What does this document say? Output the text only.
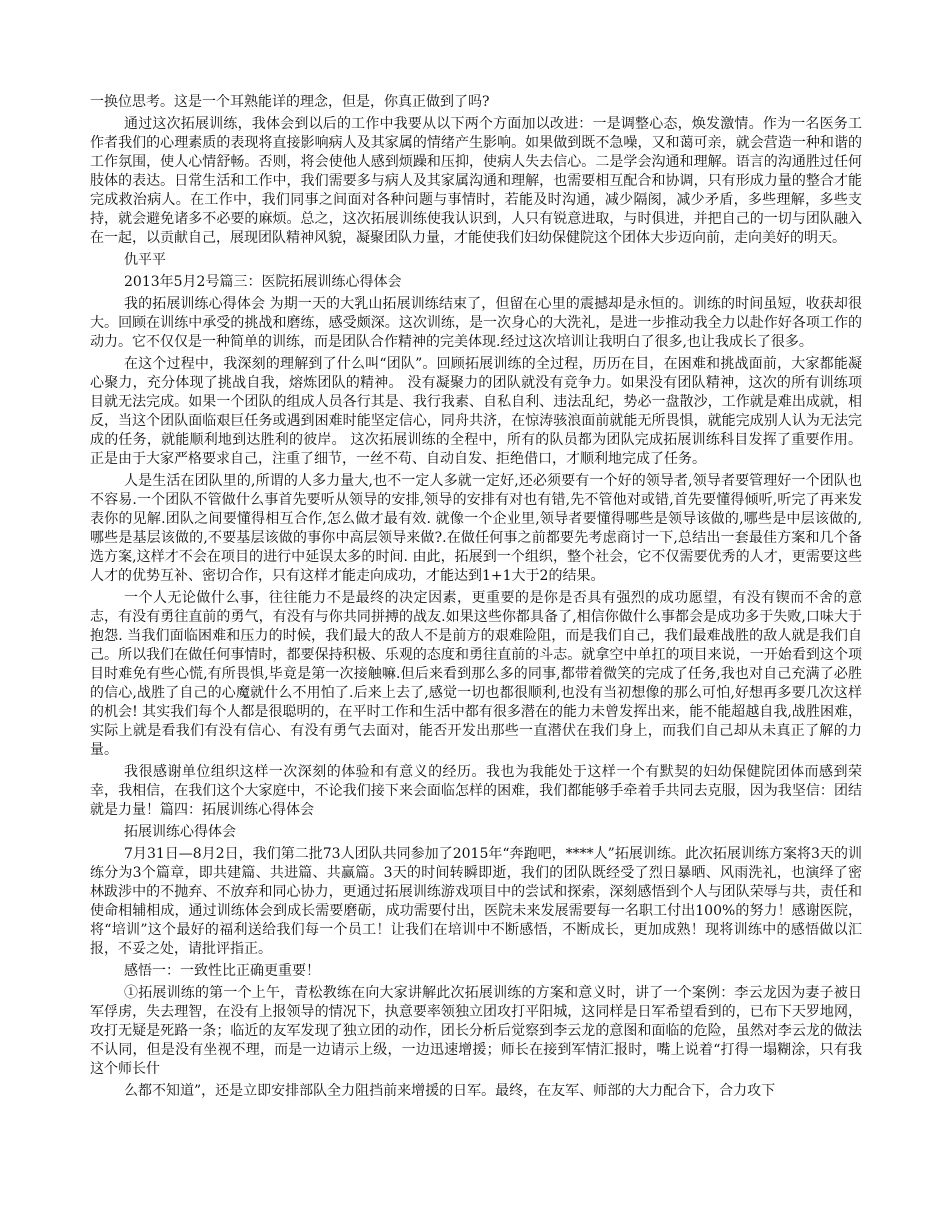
一换位思考。这是一个耳熟能详的理念，但是，你真正做到了吗?

通过这次拓展训练，我体会到以后的工作中我要从以下两个方面加以改进：一是调整心态，焕发激情。作为一名医务工作者我们的心理素质的表现将直接影响病人及其家属的情绪产生影响。如果做到既不急噪，又和蔼可亲，就会营造一种和谐的工作氛围，使人心情舒畅。否则，将会使他人感到烦躁和压抑，使病人失去信心。二是学会沟通和理解。语言的沟通胜过任何肢体的表达。日常生活和工作中，我们需要多与病人及其家属沟通和理解，也需要相互配合和协调，只有形成力量的整合才能完成救治病人。在工作中，我们同事之间面对各种问题与事情时，若能及时沟通，减少隔阂，减少矛盾，多些理解，多些支持，就会避免诸多不必要的麻烦。总之，这次拓展训练使我认识到，人只有锐意进取，与时俱进，并把自己的一切与团队融入在一起，以贡献自己，展现团队精神风貌，凝聚团队力量，才能使我们妇幼保健院这个团体大步迈向前，走向美好的明天。

仇平平

2013年5月2号篇三：医院拓展训练心得体会

我的拓展训练心得体会 为期一天的大乳山拓展训练结束了，但留在心里的震撼却是永恒的。训练的时间虽短，收获却很大。回顾在训练中承受的挑战和磨练，感受颇深。这次训练，是一次身心的大洗礼，是进一步推动我全力以赴作好各项工作的动力。它不仅仅是一种简单的训练，而是团队合作精神的完美体现.经过这次培训让我明白了很多,也让我成长了很多。

在这个过程中，我深刻的理解到了什么叫“团队”。回顾拓展训练的全过程，历历在目，在困难和挑战面前，大家都能凝心聚力，充分体现了挑战自我，熔炼团队的精神。 没有凝聚力的团队就没有竞争力。如果没有团队精神，这次的所有训练项目就无法完成。如果一个团队的组成人员各行其是、我行我素、自私自利、违法乱纪，势必一盘散沙，工作就是难出成就，相反，当这个团队面临艰巨任务或遇到困难时能坚定信心，同舟共济，在惊涛骇浪面前就能无所畏惧，就能完成别人认为无法完成的任务，就能顺利地到达胜利的彼岸。 这次拓展训练的全程中，所有的队员都为团队完成拓展训练科目发挥了重要作用。正是由于大家严格要求自己，注重了细节，一丝不苟、自动自发、拒绝借口，才顺利地完成了任务。

人是生活在团队里的,所谓的人多力量大,也不一定人多就一定好,还必须要有一个好的领导者,领导者要管理好一个团队也不容易.一个团队不管做什么事首先要听从领导的安排,领导的安排有对也有错,先不管他对或错,首先要懂得倾听,听完了再来发表你的见解.团队之间要懂得相互合作,怎么做才最有效. 就像一个企业里,领导者要懂得哪些是领导该做的,哪些是中层该做的,哪些是基层该做的,不要基层该做的事你中高层领导来做?.在做任何事之前都要先考虑商讨一下,总结出一套最佳方案和几个备选方案,这样才不会在项目的进行中延误太多的时间. 由此，拓展到一个组织，整个社会，它不仅需要优秀的人才，更需要这些人才的优势互补、密切合作，只有这样才能走向成功，才能达到1+1大于2的结果。

一个人无论做什么事，往往能力不是最终的决定因素，更重要的是你是否具有强烈的成功愿望，有没有锲而不舍的意志，有没有勇往直前的勇气，有没有与你共同拼搏的战友.如果这些你都具备了,相信你做什么事都会是成功多于失败,口味大于抱怨. 当我们面临困难和压力的时候，我们最大的敌人不是前方的艰难险阻，而是我们自己，我们最难战胜的敌人就是我们自己。所以我们在做任何事情时，都要保持积极、乐观的态度和勇往直前的斗志。就拿空中单扛的项目来说，一开始看到这个项目时难免有些心慌,有所畏惧,毕竟是第一次接触嘛.但后来看到那么多的同事,都带着微笑的完成了任务,我也对自己充满了必胜的信心,战胜了自己的心魔就什么不用怕了.后来上去了,感觉一切也都很顺利,也没有当初想像的那么可怕,好想再多要几次这样的机会! 其实我们每个人都是很聪明的，在平时工作和生活中都有很多潜在的能力未曾发挥出来，能不能超越自我,战胜困难，实际上就是看我们有没有信心、有没有勇气去面对，能否开发出那些一直潜伏在我们身上，而我们自己却从未真正了解的力量。

我很感谢单位组织这样一次深刻的体验和有意义的经历。我也为我能处于这样一个有默契的妇幼保健院团体而感到荣幸，我相信，在我们这个大家庭中，不论我们接下来会面临怎样的困难，我们都能够手牵着手共同去克服，因为我坚信：团结就是力量！篇四：拓展训练心得体会

拓展训练心得体会

7月31日—8月2日，我们第二批73人团队共同参加了2015年“奔跑吧，****人”拓展训练。此次拓展训练方案将3天的训练分为3个篇章，即共建篇、共进篇、共赢篇。3天的时间转瞬即逝，我们的团队既经受了烈日暴晒、风雨洗礼，也演绎了密林跋涉中的不抛弃、不放弃和同心协力，更通过拓展训练游戏项目中的尝试和探索，深刻感悟到个人与团队荣辱与共，责任和使命相辅相成，通过训练体会到成长需要磨砺，成功需要付出，医院未来发展需要每一名职工付出100%的努力！感谢医院，将“培训”这个最好的福利送给我们每一个员工！让我们在培训中不断感悟，不断成长，更加成熟！现将训练中的感悟做以汇报，不妥之处，请批评指正。

感悟一：一致性比正确更重要！

①拓展训练的第一个上午，青松教练在向大家讲解此次拓展训练的方案和意义时，讲了一个案例：李云龙因为妻子被日军俘虏，失去理智，在没有上报领导的情况下，执意要率领独立团攻打平阳城，这同样是日军希望看到的，已布下天罗地网，攻打无疑是死路一条；临近的友军发现了独立团的动作，团长分析后觉察到李云龙的意图和面临的危险，虽然对李云龙的做法不认同，但是没有坐视不理，而是一边请示上级，一边迅速增援；师长在接到军情汇报时，嘴上说着“打得一塌糊涂，只有我这个师长什

么都不知道”，还是立即安排部队全力阻挡前来增援的日军。最终，在友军、师部的大力配合下，合力攻下
